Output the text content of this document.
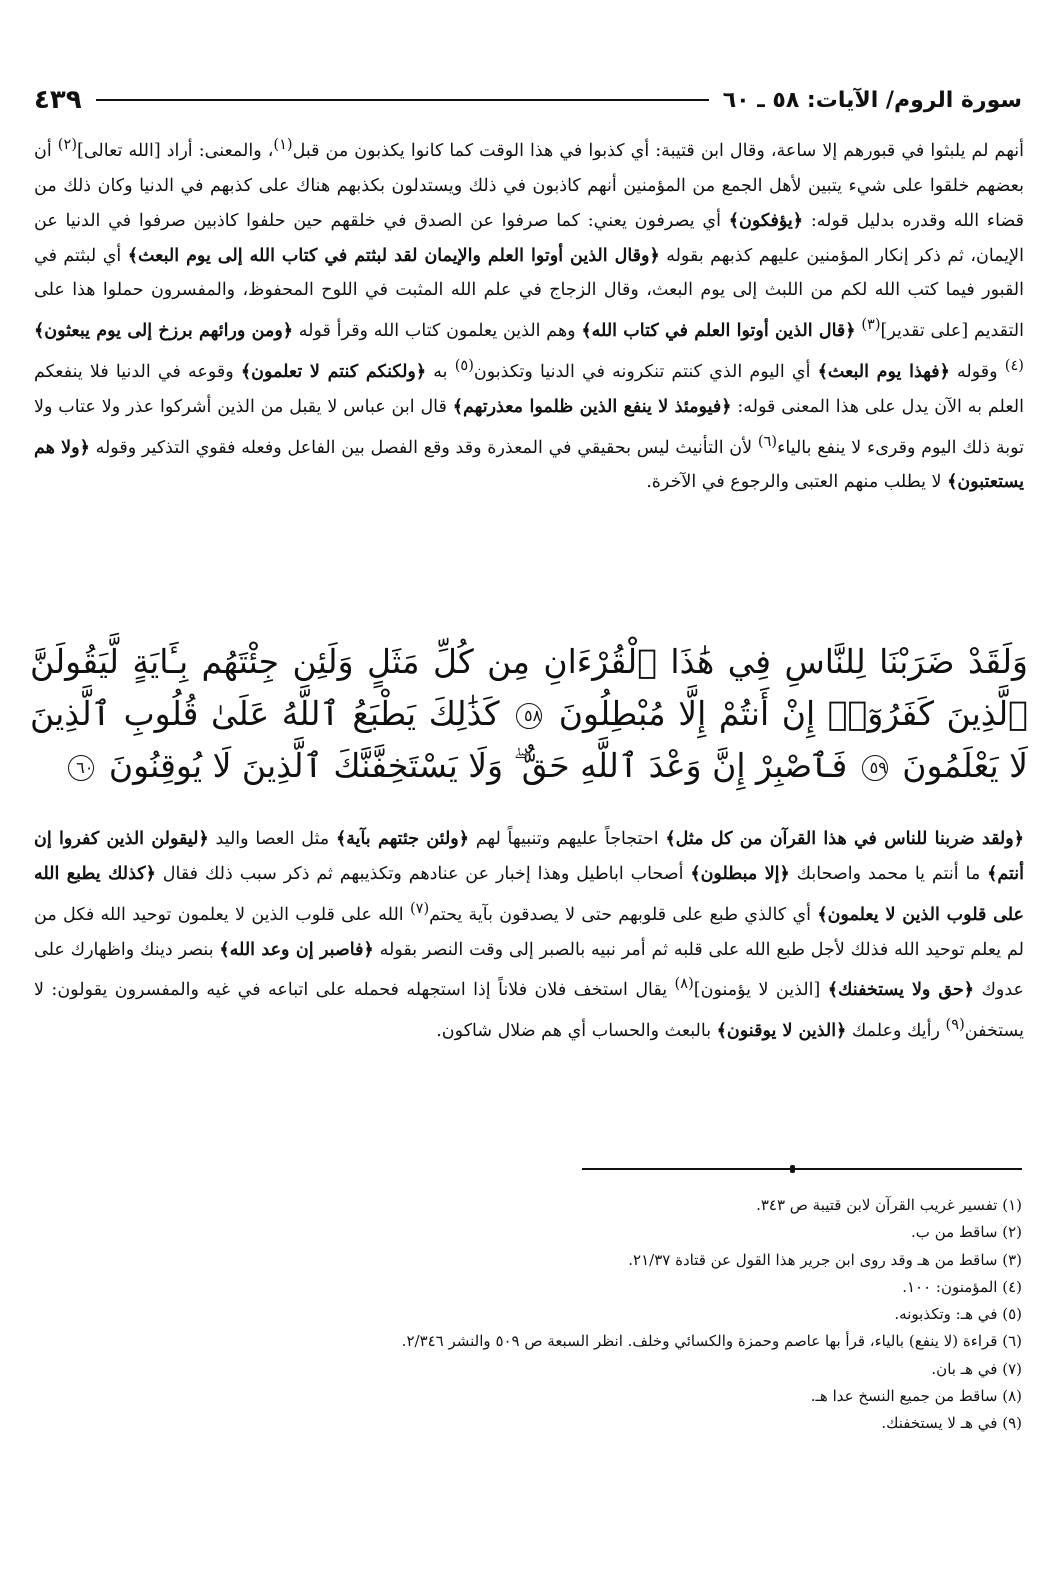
سورة الروم/ الآيات: ٥٨ ـ ٦٠
٤٣٩

أنهم لم يلبثوا في قبورهم إلا ساعة، وقال ابن قتيبة: أي كذبوا في هذا الوقت كما كانوا يكذبون من قبل$^{(١)}$، والمعنى: أراد [الله تعالى]$^{(٢)}$ أن بعضهم خلقوا على شيء يتبين لأهل الجمع من المؤمنين أنهم كاذبون في ذلك ويستدلون بكذبهم هناك على كذبهم في الدنيا وكان ذلك من قضاء الله وقدره بدليل قوله: ﴿يؤفكون﴾ أي يصرفون يعني: كما صرفوا عن الصدق في خلقهم حين حلفوا كاذبين صرفوا في الدنيا عن الإيمان، ثم ذكر إنكار المؤمنين عليهم كذبهم بقوله ﴿وقال الذين أوتوا العلم والإيمان لقد لبثتم في كتاب الله إلى يوم البعث﴾ أي لبثتم في القبور فيما كتب الله لكم من اللبث إلى يوم البعث، وقال الزجاج في علم الله المثبت في اللوح المحفوظ، والمفسرون حملوا هذا على التقديم [على تقدير]$^{(٣)}$ ﴿قال الذين أوتوا العلم في كتاب الله﴾ وهم الذين يعلمون كتاب الله وقرأ قوله ﴿ومن ورائهم برزخ إلى يوم يبعثون﴾$^{(٤)}$ وقوله ﴿فهذا يوم البعث﴾ أي اليوم الذي كنتم تنكرونه في الدنيا وتكذبون$^{(٥)}$ به ﴿ولكنكم كنتم لا تعلمون﴾ وقوعه في الدنيا فلا ينفعكم العلم به الآن يدل على هذا المعنى قوله: ﴿فيومئذ لا ينفع الذين ظلموا معذرتهم﴾ قال ابن عباس لا يقبل من الذين أشركوا عذر ولا عتاب ولا توبة ذلك اليوم وقرىء لا ينفع بالياء$^{(٦)}$ لأن التأنيث ليس بحقيقي في المعذرة وقد وقع الفصل بين الفاعل وفعله فقوي التذكير وقوله ﴿ولا هم يستعتبون﴾ لا يطلب منهم العتبى والرجوع في الآخرة.

وَلَقَدْ ضَرَبْنَا لِلنَّاسِ فِي هَٰذَا ٱلْقُرْءَانِ مِن كُلِّ مَثَلٍ وَلَئِن جِئْتَهُم بِـَٔايَةٍ لَّيَقُولَنَّ ٱلَّذِينَ كَفَرُوٓا۟ إِنْ أَنتُمْ إِلَّا مُبْطِلُونَ ٥٨ كَذَٰلِكَ يَطْبَعُ ٱللَّهُ عَلَىٰ قُلُوبِ ٱلَّذِينَ لَا يَعْلَمُونَ ٥٩ فَٱصْبِرْ إِنَّ وَعْدَ ٱللَّهِ حَقٌّ ۖ وَلَا يَسْتَخِفَّنَّكَ ٱلَّذِينَ لَا يُوقِنُونَ ٦٠

﴿ولقد ضربنا للناس في هذا القرآن من كل مثل﴾ احتجاجاً عليهم وتنبيهاً لهم ﴿ولئن جئتهم بآية﴾ مثل العصا واليد ﴿ليقولن الذين كفروا إن أنتم﴾ ما أنتم يا محمد واصحابك ﴿إلا مبطلون﴾ أصحاب اباطيل وهذا إخبار عن عنادهم وتكذيبهم ثم ذكر سبب ذلك فقال ﴿كذلك يطبع الله على قلوب الذين لا يعلمون﴾ أي كالذي طبع على قلوبهم حتى لا يصدقون بآية يحتم$^{(٧)}$ الله على قلوب الذين لا يعلمون توحيد الله فكل من لم يعلم توحيد الله فذلك لأجل طبع الله على قلبه ثم أمر نبيه بالصبر إلى وقت النصر بقوله ﴿فاصبر إن وعد الله﴾ بنصر دينك واظهارك على عدوك ﴿حق ولا يستخفنك﴾ [الذين لا يؤمنون]$^{(٨)}$ يقال استخف فلان فلاناً إذا استجهله فحمله على اتباعه في غيه والمفسرون يقولون: لا يستخفن$^{(٩)}$ رأيك وعلمك ﴿الذين لا يوقنون﴾ بالبعث والحساب أي هم ضلال شاكون.

(١) تفسير غريب القرآن لابن قتيبة ص ٣٤٣.
(٢) ساقط من ب.
(٣) ساقط من هـ وقد روى ابن جرير هذا القول عن قتادة ٢١/٣٧.
(٤) المؤمنون: ١٠٠.
(٥) في هـ: وتكذبونه.
(٦) قراءة (لا ينفع) بالياء، قرأ بها عاصم وحمزة والكسائي وخلف. انظر السبعة ص ٥٠٩ والنشر ٢/٣٤٦.
(٧) في هـ بان.
(٨) ساقط من جميع النسخ عدا هـ.
(٩) في هـ لا يستخفنك.
